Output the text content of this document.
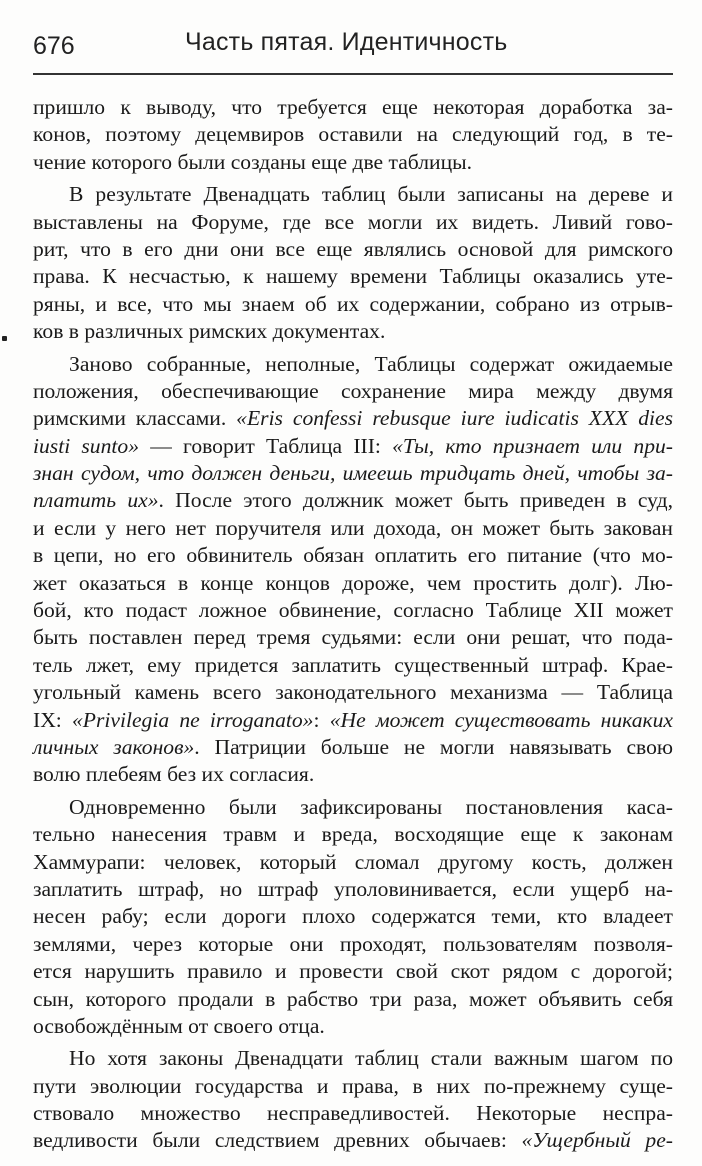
676	Часть пятая. Идентичность
пришло к выводу, что требуется еще некоторая доработка за-
конов, поэтому децемвиров оставили на следующий год, в те-
чение которого были созданы еще две таблицы.
В результате Двенадцать таблиц были записаны на дереве и
выставлены на Форуме, где все могли их видеть. Ливий гово-
рит, что в его дни они все еще являлись основой для римского
права. К несчастью, к нашему времени Таблицы оказались уте-
ряны, и все, что мы знаем об их содержании, собрано из отрыв-
ков в различных римских документах.
Заново собранные, неполные, Таблицы содержат ожидаемые
положения, обеспечивающие сохранение мира между двумя
римскими классами. «Eris confessi rebusque iure iudicatis XXX dies
iusti sunto» — говорит Таблица III: «Ты, кто признает или при-
знан судом, что должен деньги, имеешь тридцать дней, чтобы за-
платить их». После этого должник может быть приведен в суд,
и если у него нет поручителя или дохода, он может быть закован
в цепи, но его обвинитель обязан оплатить его питание (что мо-
жет оказаться в конце концов дороже, чем простить долг). Лю-
бой, кто подаст ложное обвинение, согласно Таблице XII может
быть поставлен перед тремя судьями: если они решат, что пода-
тель лжет, ему придется заплатить существенный штраф. Крае-
угольный камень всего законодательного механизма — Таблица
IX: «Privilegia ne irroganato»: «Не может существовать никаких
личных законов». Патриции больше не могли навязывать свою
волю плебеям без их согласия.
Одновременно были зафиксированы постановления каса-
тельно нанесения травм и вреда, восходящие еще к законам
Хаммурапи: человек, который сломал другому кость, должен
заплатить штраф, но штраф уполовинивается, если ущерб на-
несен рабу; если дороги плохо содержатся теми, кто владеет
землями, через которые они проходят, пользователям позволя-
ется нарушить правило и провести свой скот рядом с дорогой;
сын, которого продали в рабство три раза, может объявить себя
освобождённым от своего отца.
Но хотя законы Двенадцати таблиц стали важным шагом по
пути эволюции государства и права, в них по-прежнему суще-
ствовало множество несправедливостей. Некоторые неспра-
ведливости были следствием древних обычаев: «Ущербный ре-
